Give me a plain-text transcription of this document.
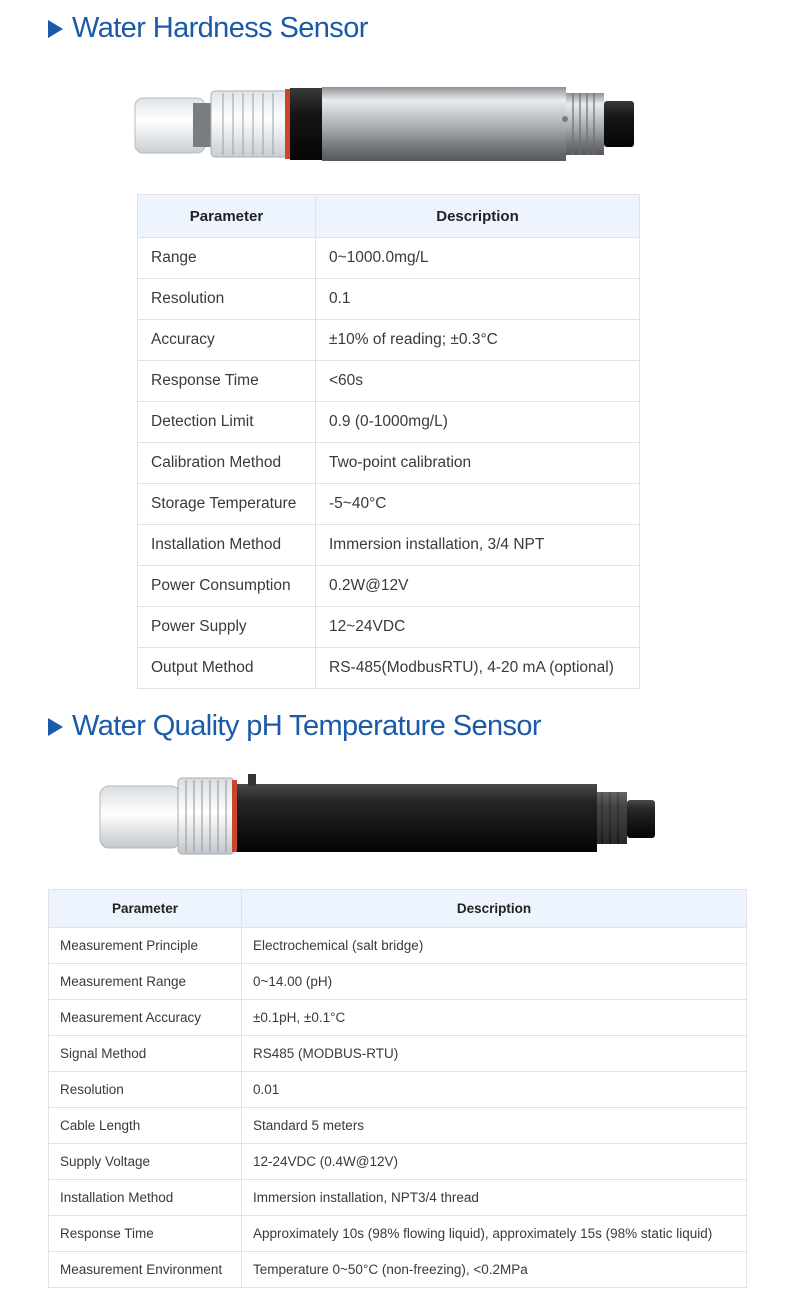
Water Hardness Sensor
Parameter	Description
Range	0~1000.0mg/L
Resolution	0.1
Accuracy	±10% of reading; ±0.3°C
Response Time	<60s
Detection Limit	0.9 (0-1000mg/L)
Calibration Method	Two-point calibration
Storage Temperature	-5~40°C
Installation Method	Immersion installation, 3/4 NPT
Power Consumption	0.2W@12V
Power Supply	12~24VDC
Output Method	RS-485(ModbusRTU), 4-20 mA (optional)
Water Quality pH Temperature Sensor
Parameter	Description
Measurement Principle	Electrochemical (salt bridge)
Measurement Range	0~14.00 (pH)
Measurement Accuracy	±0.1pH, ±0.1°C
Signal Method	RS485 (MODBUS-RTU)
Resolution	0.01
Cable Length	Standard 5 meters
Supply Voltage	12-24VDC (0.4W@12V)
Installation Method	Immersion installation, NPT3/4 thread
Response Time	Approximately 10s (98% flowing liquid), approximately 15s (98% static liquid)
Measurement Environment	Temperature 0~50°C (non-freezing), <0.2MPa
